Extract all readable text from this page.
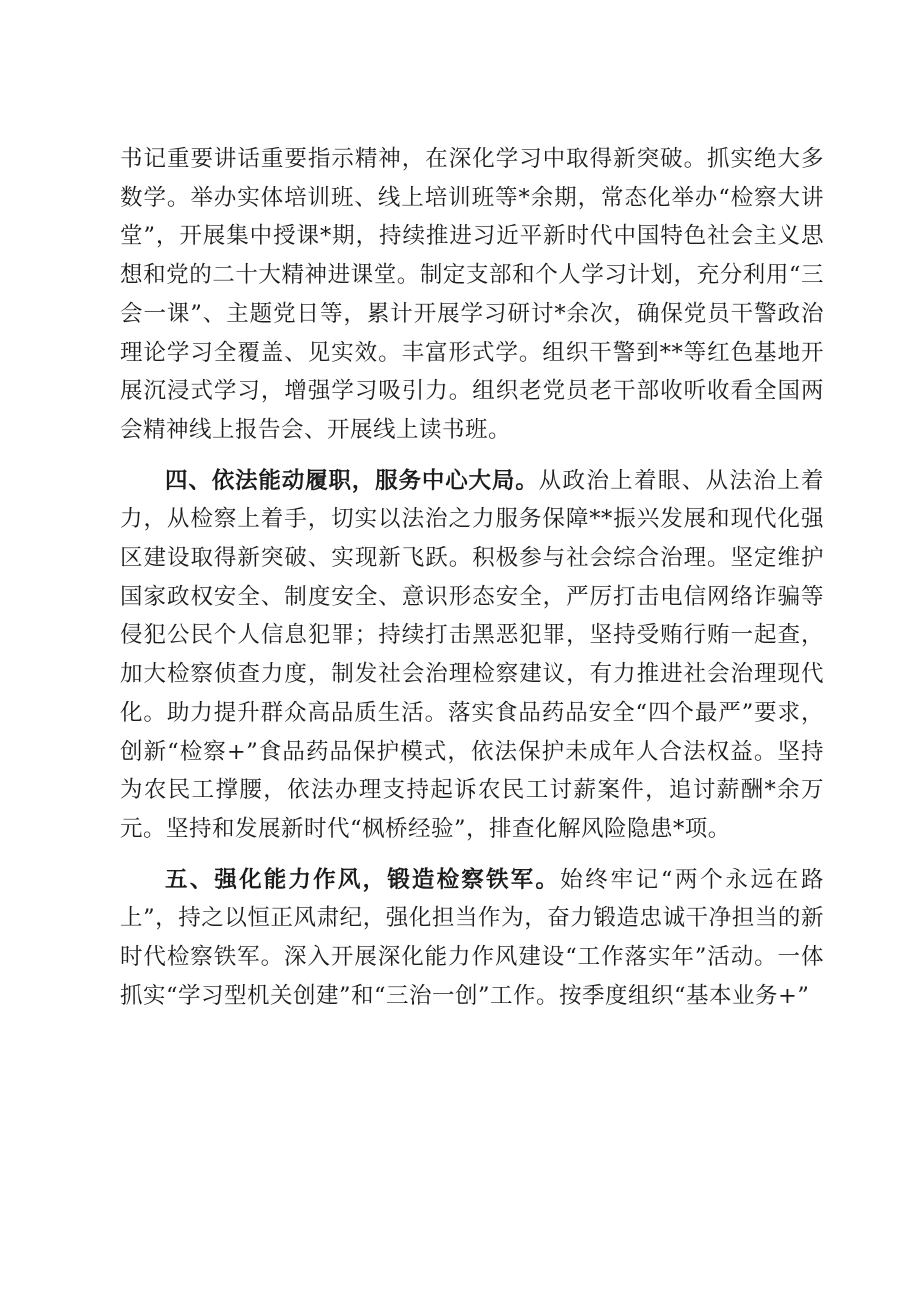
书记重要讲话重要指示精神，在深化学习中取得新突破。抓实绝大多数学。举办实体培训班、线上培训班等*余期，常态化举办“检察大讲堂”，开展集中授课*期，持续推进习近平新时代中国特色社会主义思想和党的二十大精神进课堂。制定支部和个人学习计划，充分利用“三会一课”、主题党日等，累计开展学习研讨*余次，确保党员干警政治理论学习全覆盖、见实效。丰富形式学。组织干警到**等红色基地开展沉浸式学习，增强学习吸引力。组织老党员老干部收听收看全国两会精神线上报告会、开展线上读书班。

四、依法能动履职，服务中心大局。从政治上着眼、从法治上着力，从检察上着手，切实以法治之力服务保障**振兴发展和现代化强区建设取得新突破、实现新飞跃。积极参与社会综合治理。坚定维护国家政权安全、制度安全、意识形态安全，严厉打击电信网络诈骗等侵犯公民个人信息犯罪；持续打击黑恶犯罪，坚持受贿行贿一起查，加大检察侦查力度，制发社会治理检察建议，有力推进社会治理现代化。助力提升群众高品质生活。落实食品药品安全“四个最严”要求，创新“检察+”食品药品保护模式，依法保护未成年人合法权益。坚持为农民工撑腰，依法办理支持起诉农民工讨薪案件，追讨薪酬*余万元。坚持和发展新时代“枫桥经验”，排查化解风险隐患*项。

五、强化能力作风，锻造检察铁军。始终牢记“两个永远在路上”，持之以恒正风肃纪，强化担当作为，奋力锻造忠诚干净担当的新时代检察铁军。深入开展深化能力作风建设“工作落实年”活动。一体抓实“学习型机关创建”和“三治一创”工作。按季度组织“基本业务+”
